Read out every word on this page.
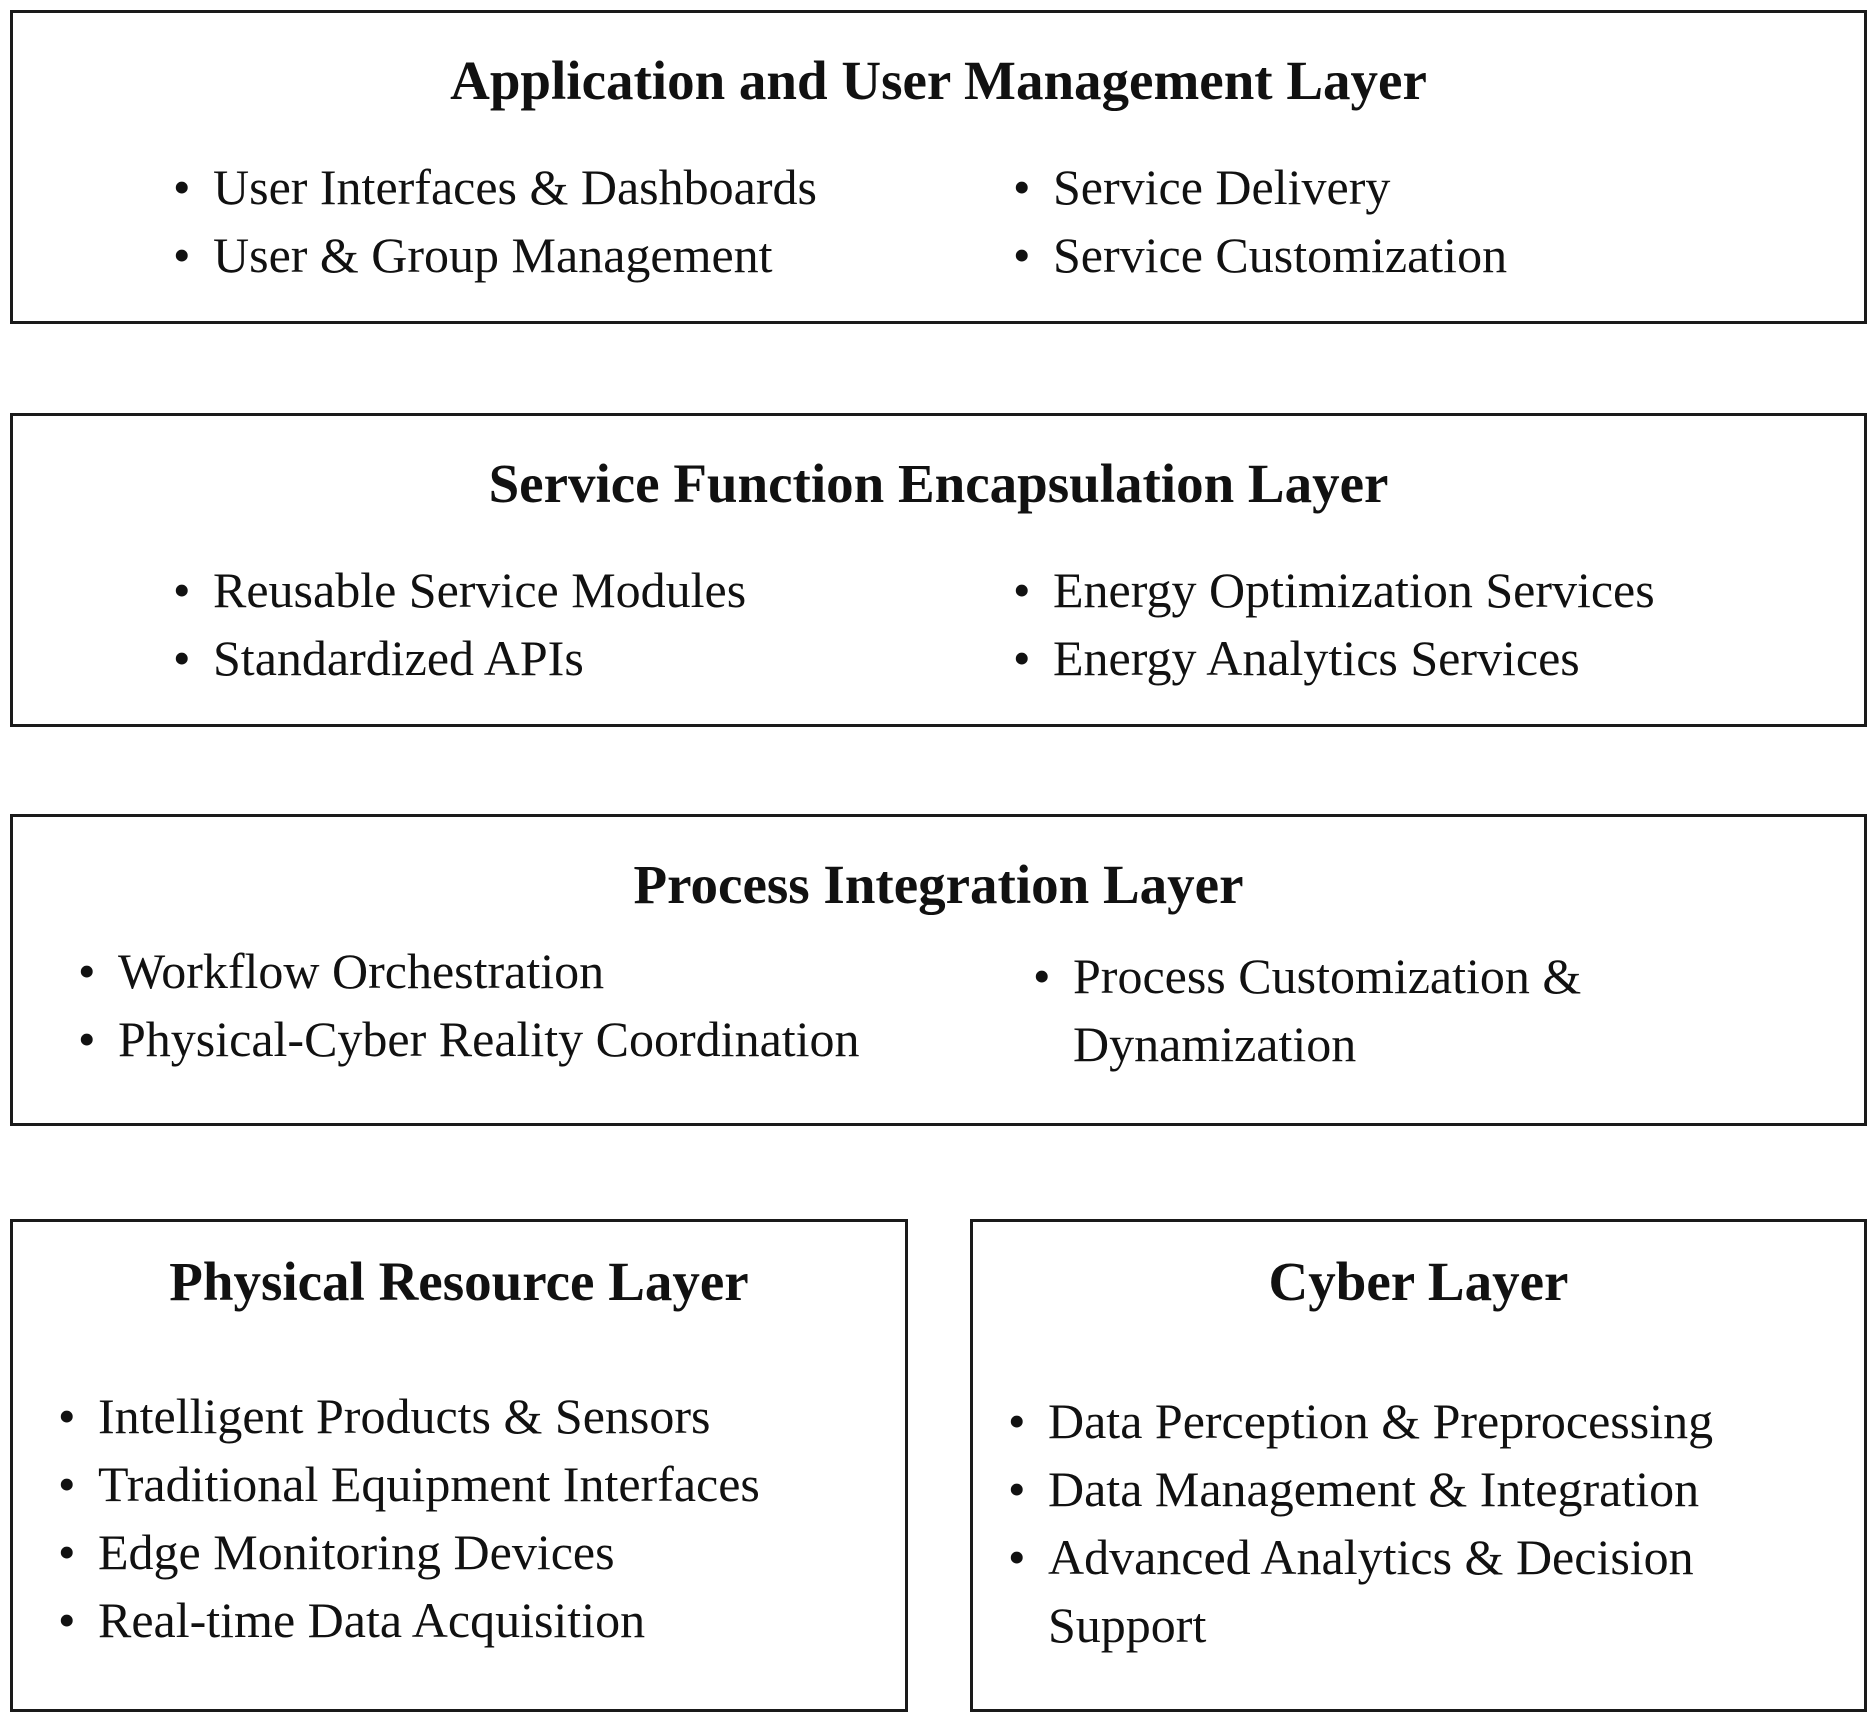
Application and User Management Layer
• User Interfaces & Dashboards
• User & Group Management
• Service Delivery
• Service Customization
Service Function Encapsulation Layer
• Reusable Service Modules
• Standardized APIs
• Energy Optimization Services
• Energy Analytics Services
Process Integration Layer
• Workflow Orchestration
• Physical-Cyber Reality Coordination
• Process Customization & Dynamization
Physical Resource Layer
• Intelligent Products & Sensors
• Traditional Equipment Interfaces
• Edge Monitoring Devices
• Real-time Data Acquisition
Cyber Layer
• Data Perception & Preprocessing
• Data Management & Integration
• Advanced Analytics & Decision Support
